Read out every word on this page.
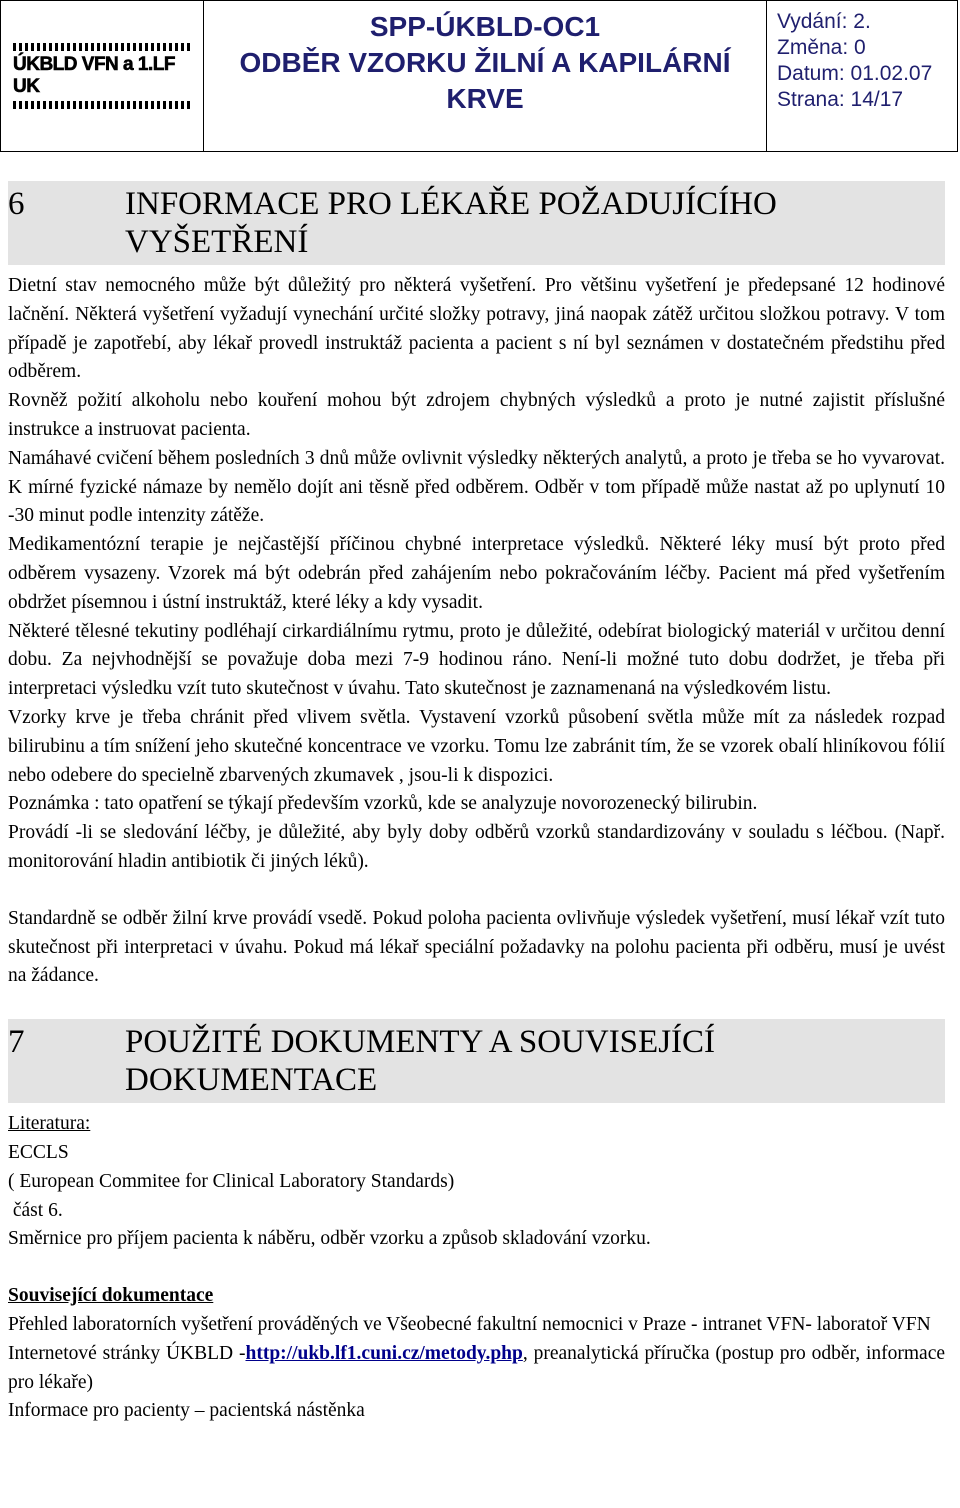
ÚKBLD VFN a 1.LF UK
SPP-ÚKBLD-OC1
ODBĚR VZORKU ŽILNÍ A KAPILÁRNÍ KRVE
Vydání: 2.
Změna: 0
Datum: 01.02.07
Strana: 14/17
6	INFORMACE PRO LÉKAŘE POŽADUJÍCÍHO VYŠETŘENÍ

Dietní stav nemocného může být důležitý pro některá vyšetření. Pro většinu vyšetření je předepsané 12 hodinové lačnění. Některá vyšetření vyžadují vynechání určité složky potravy, jiná naopak zátěž určitou složkou potravy. V tom případě je zapotřebí, aby lékař provedl instruktáž pacienta a pacient s ní byl seznámen v dostatečném předstihu před odběrem.

Rovněž požití alkoholu nebo kouření mohou být zdrojem chybných výsledků a proto je nutné zajistit příslušné instrukce a instruovat pacienta.

Namáhavé cvičení během posledních 3 dnů může ovlivnit výsledky některých analytů, a proto je třeba se ho vyvarovat. K mírné fyzické námaze by nemělo dojít ani těsně před odběrem. Odběr v tom případě může nastat až po uplynutí 10 -30 minut podle intenzity zátěže.

Medikamentózní terapie je nejčastější příčinou chybné interpretace výsledků. Některé léky musí být proto před odběrem vysazeny. Vzorek má být odebrán před zahájením nebo pokračováním léčby. Pacient má před vyšetřením obdržet písemnou i ústní instruktáž, které léky a kdy vysadit.

Některé tělesné tekutiny podléhají cirkardiálnímu rytmu, proto je důležité, odebírat biologický materiál v určitou denní dobu. Za nejvhodnější se považuje doba mezi 7-9 hodinou ráno. Není-li možné tuto dobu dodržet, je třeba při interpretaci výsledku vzít tuto skutečnost v úvahu. Tato skutečnost je zaznamenaná na výsledkovém listu.

Vzorky krve je třeba chránit před vlivem světla. Vystavení vzorků působení světla může mít za následek rozpad bilirubinu a tím snížení jeho skutečné koncentrace ve vzorku. Tomu lze zabránit tím, že se vzorek obalí hliníkovou fólií nebo odebere do specielně zbarvených zkumavek , jsou-li k dispozici.

Poznámka : tato opatření se týkají především vzorků, kde se analyzuje novorozenecký bilirubin.

Provádí -li se sledování léčby, je důležité, aby byly doby odběrů vzorků standardizovány v souladu s léčbou. (Např. monitorování hladin antibiotik či jiných léků).

Standardně se odběr žilní krve provádí vsedě. Pokud poloha pacienta ovlivňuje výsledek vyšetření, musí lékař vzít tuto skutečnost při interpretaci v úvahu. Pokud má lékař speciální požadavky na polohu pacienta při odběru, musí je uvést na žádance.

7	POUŽITÉ DOKUMENTY A SOUVISEJÍCÍ DOKUMENTACE

Literatura:

ECCLS

( European Commitee for Clinical Laboratory Standards)

část 6.

Směrnice pro příjem pacienta k náběru, odběr vzorku a způsob skladování vzorku.

Související dokumentace

Přehled laboratorních vyšetření prováděných ve Všeobecné fakultní nemocnici v Praze - intranet VFN- laboratoř VFN

Internetové stránky ÚKBLD -http://ukb.lf1.cuni.cz/metody.php, preanalytická příručka (postup pro odběr, informace pro lékaře)

Informace pro pacienty – pacientská nástěnka
